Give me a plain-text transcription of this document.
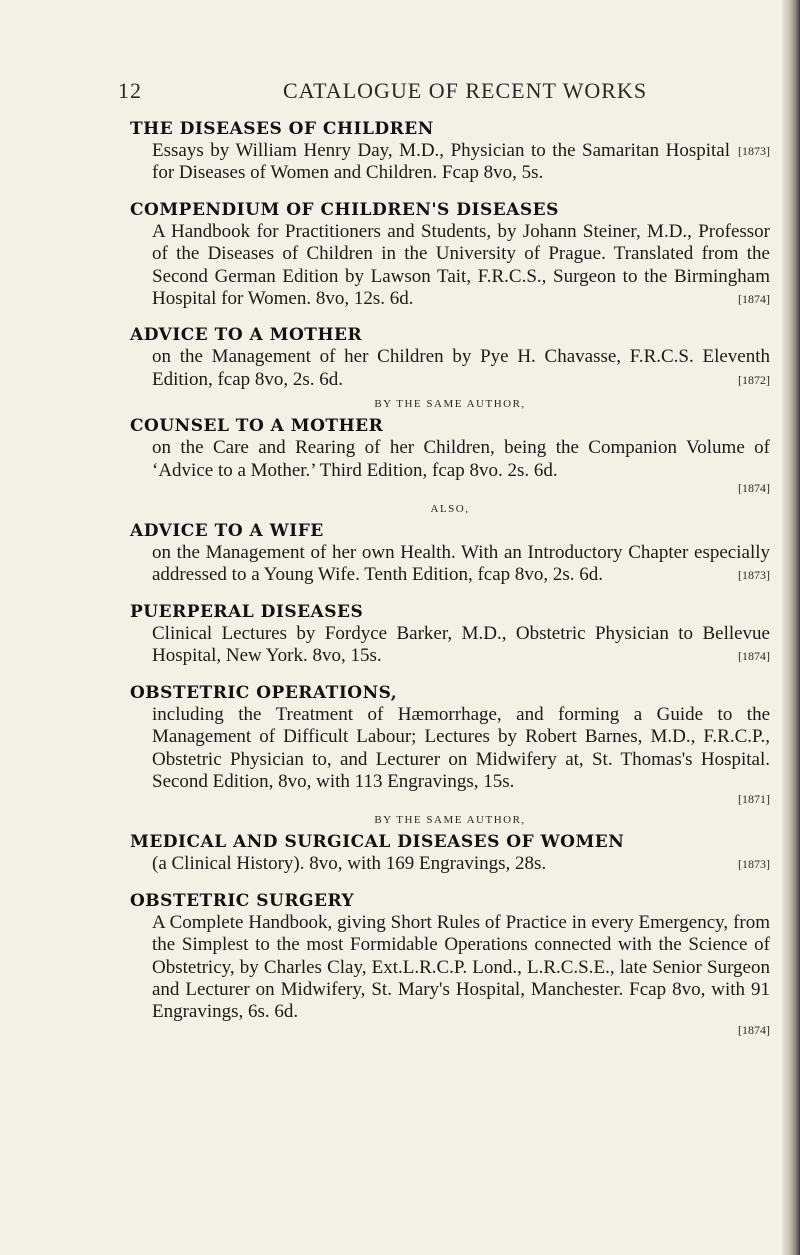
12	CATALOGUE OF RECENT WORKS

THE DISEASES OF CHILDREN

[1873]
Essays by William Henry Day, M.D., Physician to the Samaritan Hospital for Diseases of Women and Children. Fcap 8vo, 5s.

COMPENDIUM OF CHILDREN'S DISEASES

A Handbook for Practitioners and Students, by Johann Steiner, M.D., Professor of the Diseases of Children in the University of Prague. Translated from the Second German Edition by Lawson Tait, F.R.C.S., Surgeon to the Birmingham Hospital for Women. 8vo, 12s. 6d.	[1874]

ADVICE TO A MOTHER

on the Management of her Children by Pye H. Chavasse, F.R.C.S. Eleventh Edition, fcap 8vo, 2s. 6d.	[1872]

BY THE SAME AUTHOR,

COUNSEL TO A MOTHER

on the Care and Rearing of her Children, being the Companion Volume of ‘Advice to a Mother.’ Third Edition, fcap 8vo. 2s. 6d.
[1874]

ALSO,

ADVICE TO A WIFE

on the Management of her own Health. With an Introductory Chapter especially addressed to a Young Wife. Tenth Edition, fcap 8vo, 2s. 6d.	[1873]

PUERPERAL DISEASES

Clinical Lectures by Fordyce Barker, M.D., Obstetric Physician to Bellevue Hospital, New York. 8vo, 15s.	[1874]

OBSTETRIC OPERATIONS,

including the Treatment of Hæmorrhage, and forming a Guide to the Management of Difficult Labour; Lectures by Robert Barnes, M.D., F.R.C.P., Obstetric Physician to, and Lecturer on Midwifery at, St. Thomas's Hospital. Second Edition, 8vo, with 113 Engravings, 15s.
[1871]

BY THE SAME AUTHOR,

MEDICAL AND SURGICAL DISEASES OF WOMEN

(a Clinical History). 8vo, with 169 Engravings, 28s.	[1873]

OBSTETRIC SURGERY

A Complete Handbook, giving Short Rules of Practice in every Emergency, from the Simplest to the most Formidable Operations connected with the Science of Obstetricy, by Charles Clay, Ext.L.R.C.P. Lond., L.R.C.S.E., late Senior Surgeon and Lecturer on Midwifery, St. Mary's Hospital, Manchester. Fcap 8vo, with 91 Engravings, 6s. 6d.
[1874]
